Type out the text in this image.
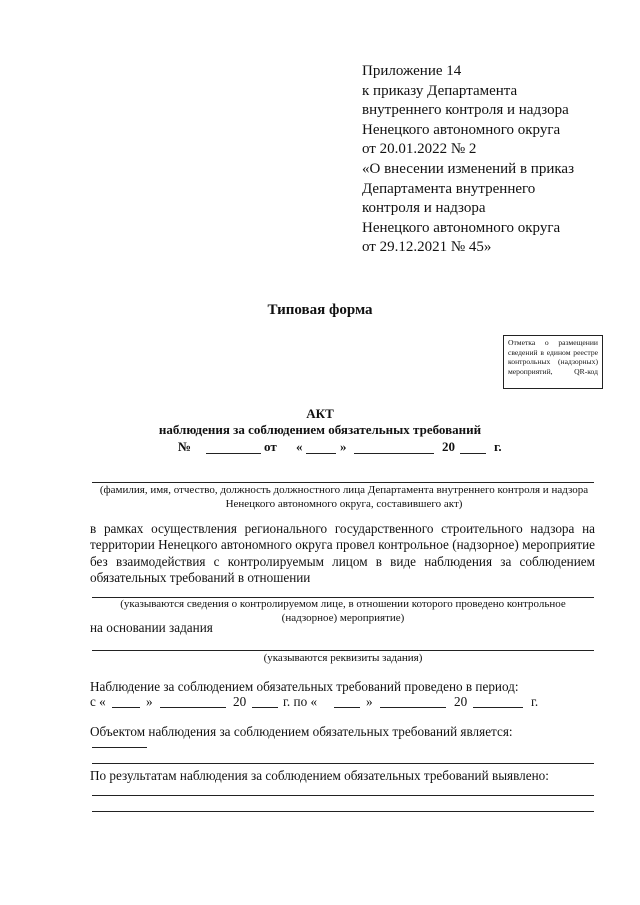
Приложение 14
к приказу Департамента
внутреннего контроля и надзора
Ненецкого автономного округа
от 20.01.2022 № 2
«О внесении изменений в приказ
Департамента внутреннего
контроля и надзора
Ненецкого автономного округа
от 29.12.2021 № 45»
Типовая форма
Отметка о размещении сведений в едином реестре контрольных (надзорных) мероприятий, QR-код
АКТ
наблюдения за соблюдением обязательных требований
№	от «	»	20	г.
(фамилия, имя, отчество, должность должностного лица Департамента внутреннего контроля и надзора Ненецкого автономного округа, составившего акт)
в рамках осуществления регионального государственного строительного надзора на
территории Ненецкого автономного округа провел контрольное (надзорное) мероприятие
без взаимодействия с контролируемым лицом в виде наблюдения за соблюдением
обязательных требований в отношении
(указываются сведения о контролируемом лице, в отношении которого проведено контрольное (надзорное) мероприятие)
на основании задания
(указываются реквизиты задания)
Наблюдение за соблюдением обязательных требований проведено в период:
с «	»	20	г. по «	»	20	г.
Объектом наблюдения за соблюдением обязательных требований является:
По результатам наблюдения за соблюдением обязательных требований выявлено:
